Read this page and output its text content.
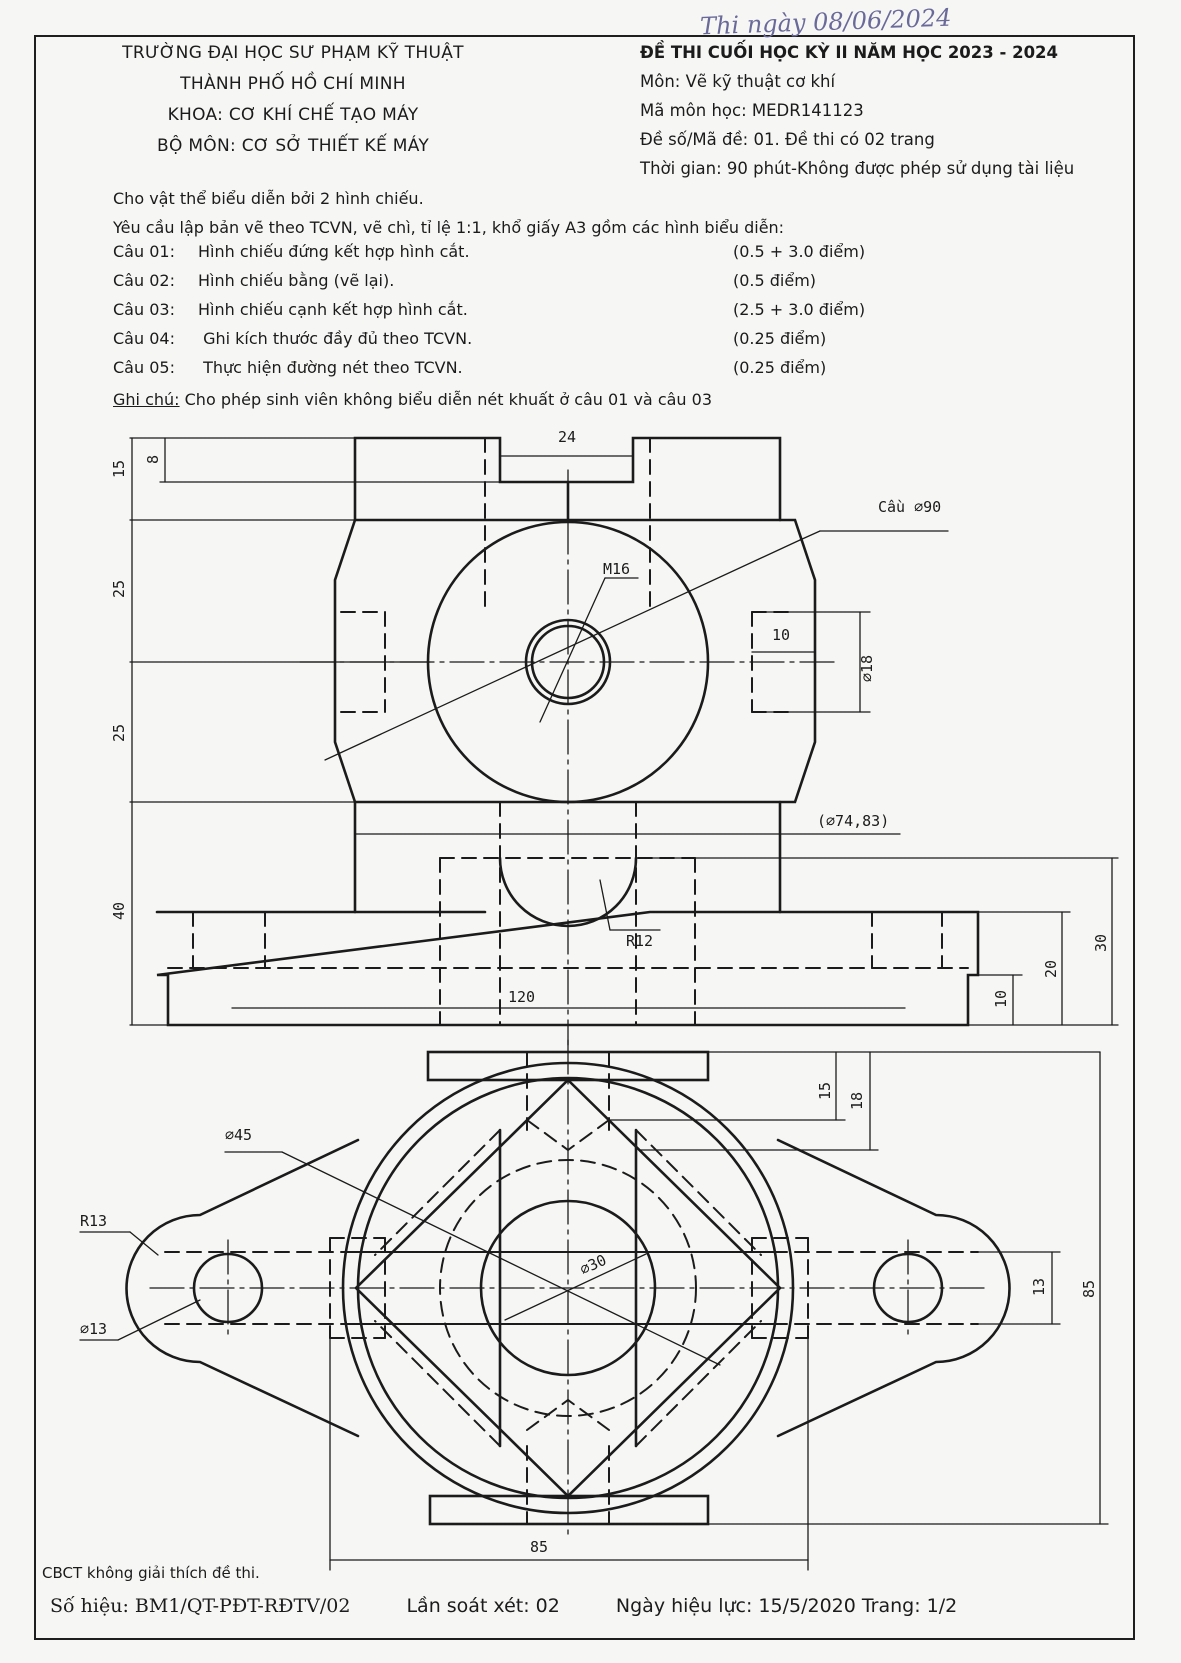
Thi ngày 08/06/2024
TRƯỜNG ĐẠI HỌC SƯ PHẠM KỸ THUẬT
THÀNH PHỐ HỒ CHÍ MINH
KHOA: CƠ KHÍ CHẾ TẠO MÁY
BỘ MÔN: CƠ SỞ THIẾT KẾ MÁY
ĐỀ THI CUỐI HỌC KỲ II NĂM HỌC 2023 - 2024
Môn: Vẽ kỹ thuật cơ khí
Mã môn học: MEDR141123
Đề số/Mã đề: 01. Đề thi có 02 trang
Thời gian: 90 phút-Không được phép sử dụng tài liệu
Cho vật thể biểu diễn bởi 2 hình chiếu.
Yêu cầu lập bản vẽ theo TCVN, vẽ chì, tỉ lệ 1:1, khổ giấy A3 gồm các hình biểu diễn:
Câu 01: Hình chiếu đứng kết hợp hình cắt.	(0.5 + 3.0 điểm)
Câu 02: Hình chiếu bằng (vẽ lại).	(0.5 điểm)
Câu 03: Hình chiếu cạnh kết hợp hình cắt.	(2.5 + 3.0 điểm)
Câu 04: Ghi kích thước đầy đủ theo TCVN.	(0.25 điểm)
Câu 05: Thực hiện đường nét theo TCVN.	(0.25 điểm)
Ghi chú: Cho phép sinh viên không biểu diễn nét khuất ở câu 01 và câu 03
15
8
24
25
25
40
Cầu ⌀90
M16
10
⌀18
(⌀74,83)
R12
120
30
20
10
⌀45
R13
⌀13
⌀30
15
18
13 85
85
CBCT không giải thích đề thi.
Số hiệu: BM1/QT-PĐT-RĐTV/02	Lần soát xét: 02	Ngày hiệu lực: 15/5/2020 Trang: 1/2
